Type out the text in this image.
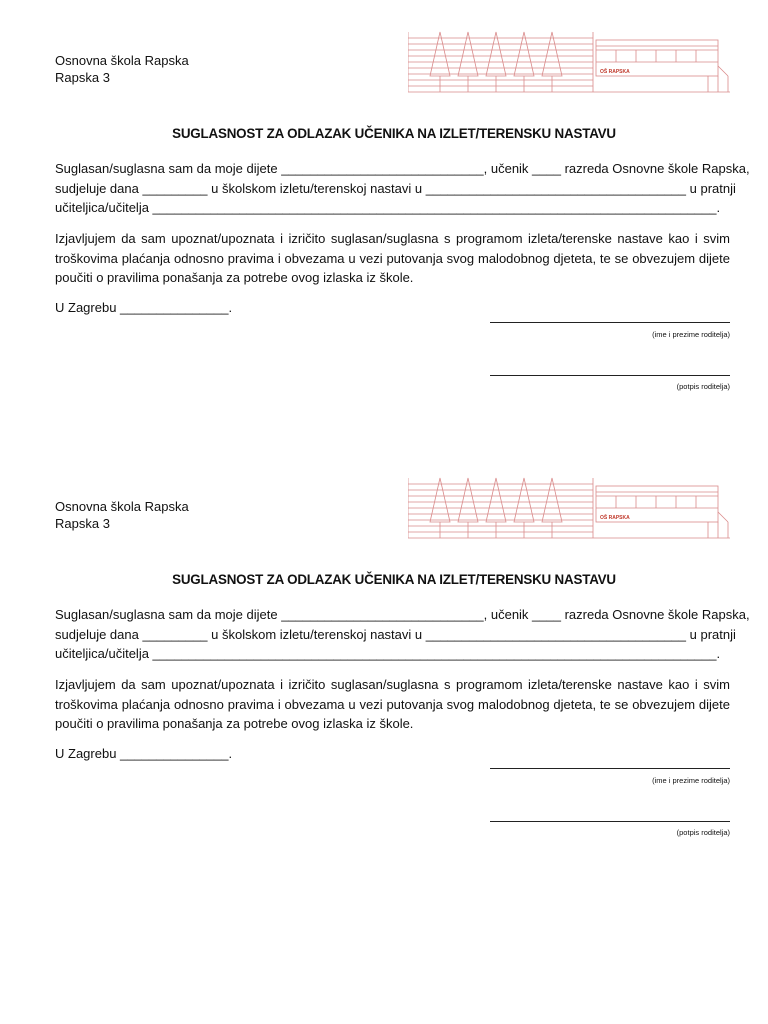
Osnovna škola Rapska
Rapska 3	OŠ RAPSKA
SUGLASNOST ZA ODLAZAK UČENIKA NA IZLET/TERENSKU NASTAVU
Suglasan/suglasna sam da moje dijete ____________________________, učenik ____ razreda Osnovne škole Rapska,
sudjeluje dana _________ u školskom izletu/terenskoj nastavi u ____________________________________ u pratnji
učiteljica/učitelja ______________________________________________________________________________.
Izjavljujem da sam upoznat/upoznata i izričito suglasan/suglasna s programom izleta/terenske nastave kao i svim troškovima plaćanja odnosno pravima i obvezama u vezi putovanja svog malodobnog djeteta, te se obvezujem dijete poučiti o pravilima ponašanja za potrebe ovog izlaska iz škole.
U Zagrebu _______________.
(ime i prezime roditelja)
(potpis roditelja)
Osnovna škola Rapska
Rapska 3	OŠ RAPSKA
SUGLASNOST ZA ODLAZAK UČENIKA NA IZLET/TERENSKU NASTAVU
Suglasan/suglasna sam da moje dijete ____________________________, učenik ____ razreda Osnovne škole Rapska,
sudjeluje dana _________ u školskom izletu/terenskoj nastavi u ____________________________________ u pratnji
učiteljica/učitelja ______________________________________________________________________________.
Izjavljujem da sam upoznat/upoznata i izričito suglasan/suglasna s programom izleta/terenske nastave kao i svim troškovima plaćanja odnosno pravima i obvezama u vezi putovanja svog malodobnog djeteta, te se obvezujem dijete poučiti o pravilima ponašanja za potrebe ovog izlaska iz škole.
U Zagrebu _______________.
(ime i prezime roditelja)
(potpis roditelja)
